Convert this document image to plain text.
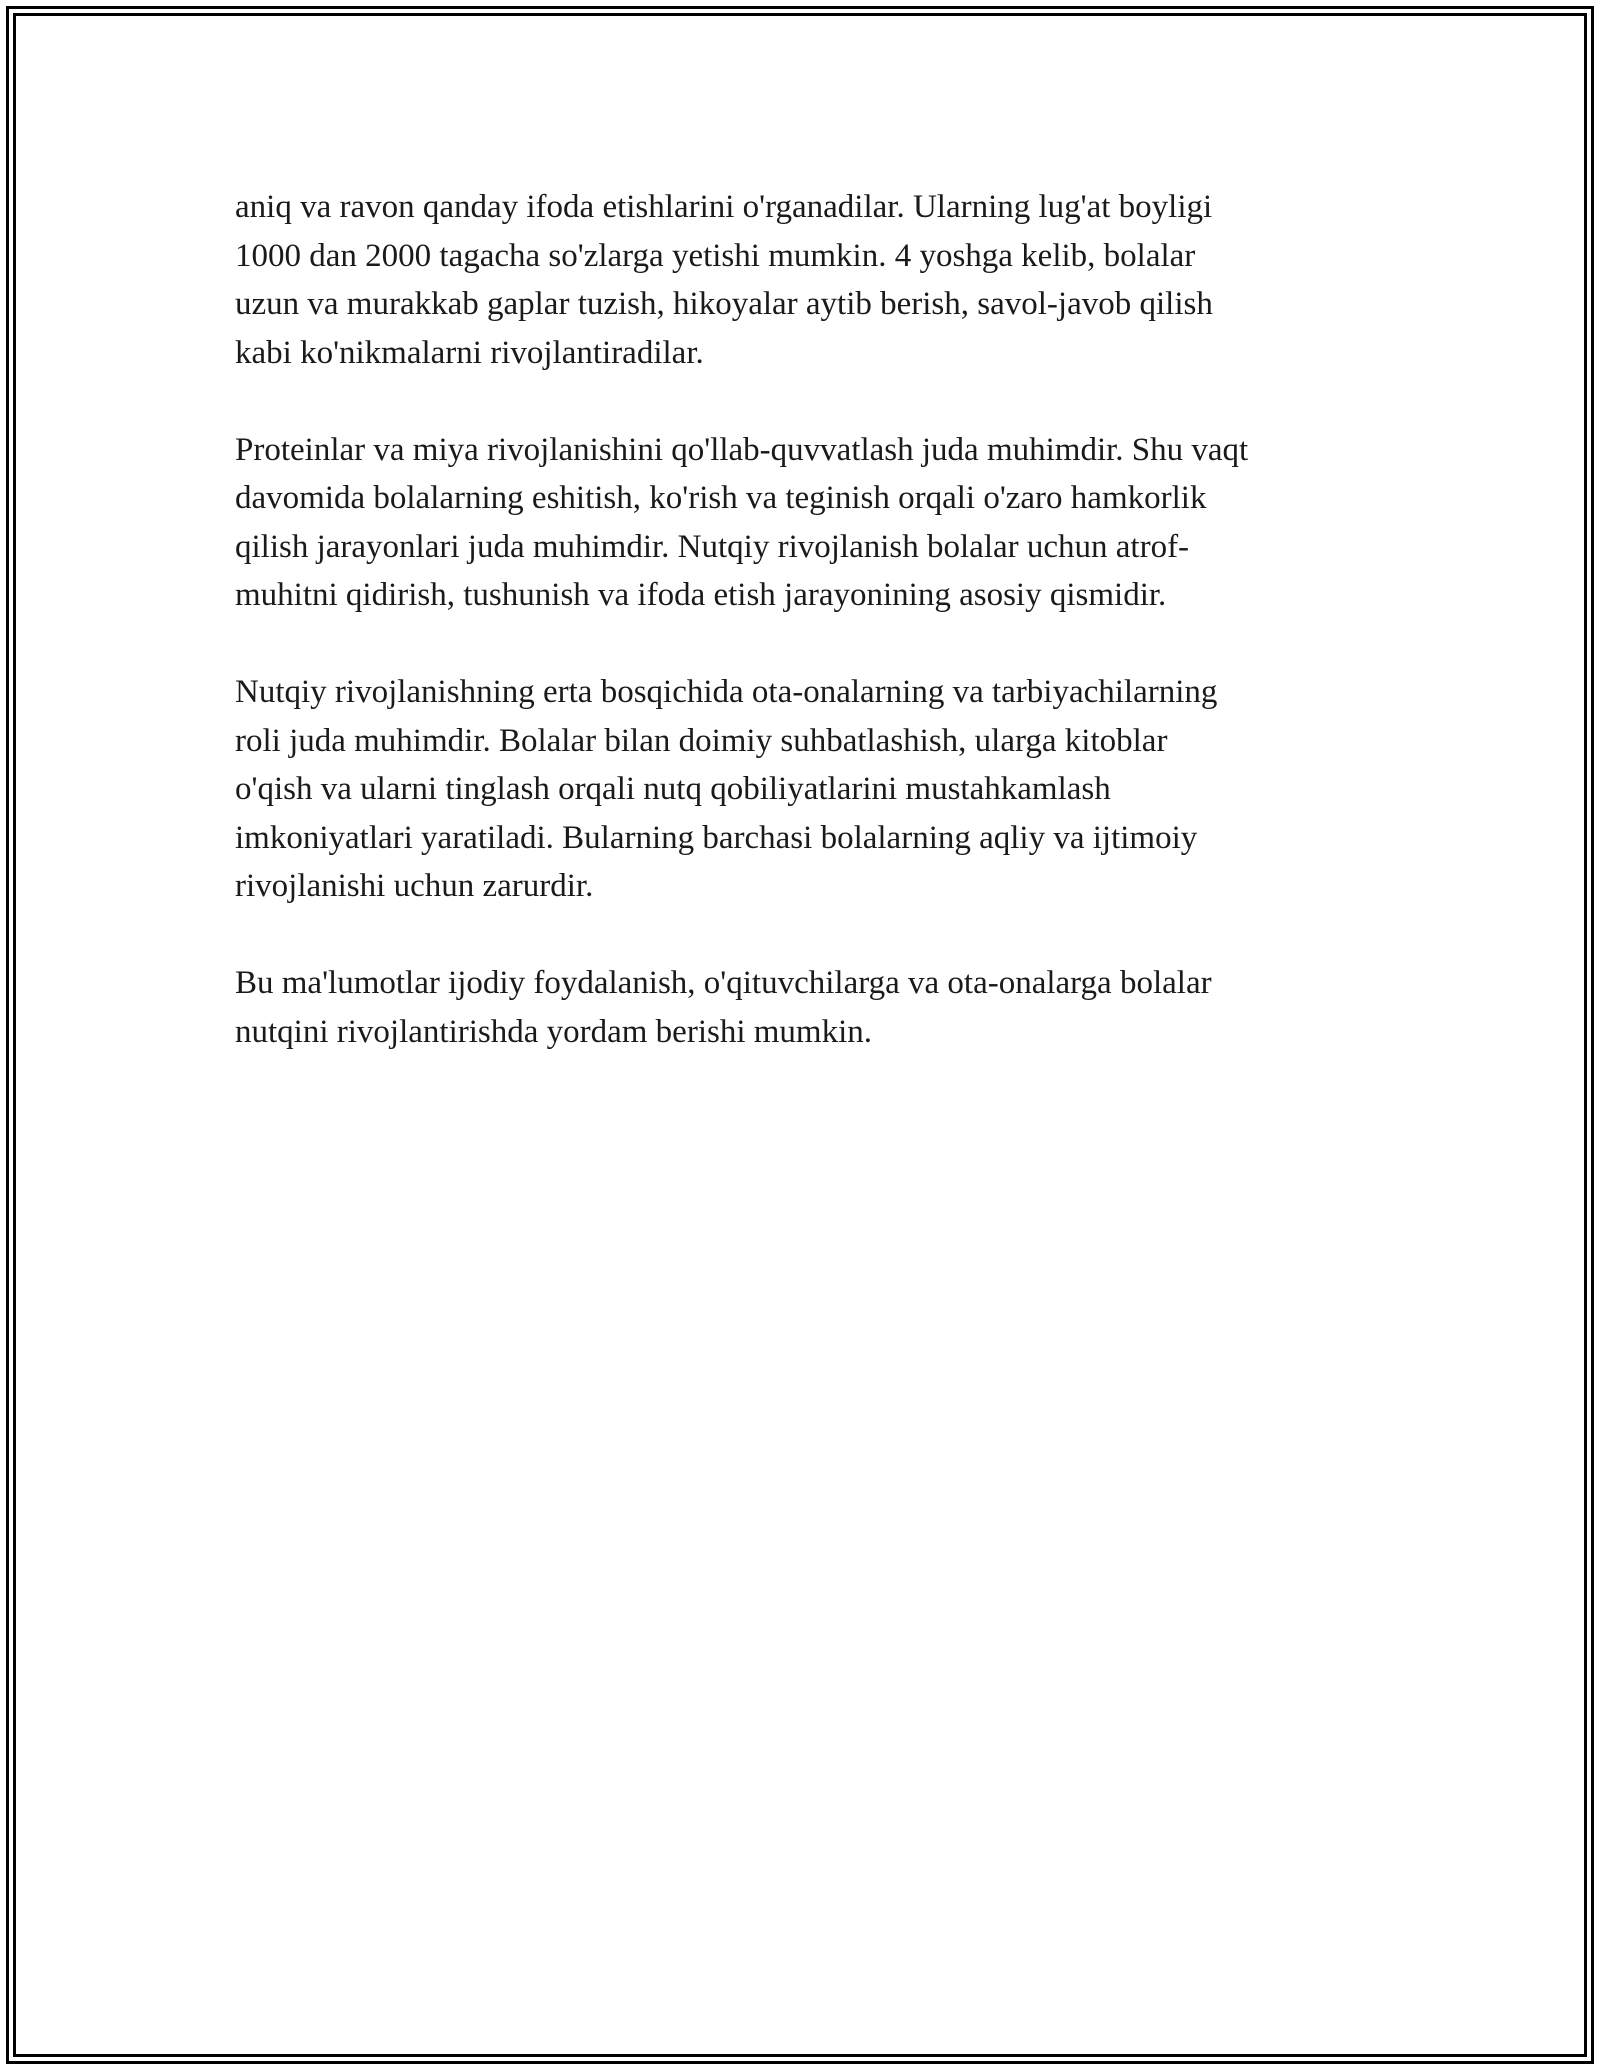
aniq va ravon qanday ifoda etishlarini o'rganadilar. Ularning lug'at boyligi
1000 dan 2000 tagacha so'zlarga yetishi mumkin. 4 yoshga kelib, bolalar
uzun va murakkab gaplar tuzish, hikoyalar aytib berish, savol-javob qilish
kabi ko'nikmalarni rivojlantiradilar.

Proteinlar va miya rivojlanishini qo'llab-quvvatlash juda muhimdir. Shu vaqt
davomida bolalarning eshitish, ko'rish va teginish orqali o'zaro hamkorlik
qilish jarayonlari juda muhimdir. Nutqiy rivojlanish bolalar uchun atrof-
muhitni qidirish, tushunish va ifoda etish jarayonining asosiy qismidir.

Nutqiy rivojlanishning erta bosqichida ota-onalarning va tarbiyachilarning
roli juda muhimdir. Bolalar bilan doimiy suhbatlashish, ularga kitoblar
o'qish va ularni tinglash orqali nutq qobiliyatlarini mustahkamlash
imkoniyatlari yaratiladi. Bularning barchasi bolalarning aqliy va ijtimoiy
rivojlanishi uchun zarurdir.

Bu ma'lumotlar ijodiy foydalanish, o'qituvchilarga va ota-onalarga bolalar
nutqini rivojlantirishda yordam berishi mumkin.
